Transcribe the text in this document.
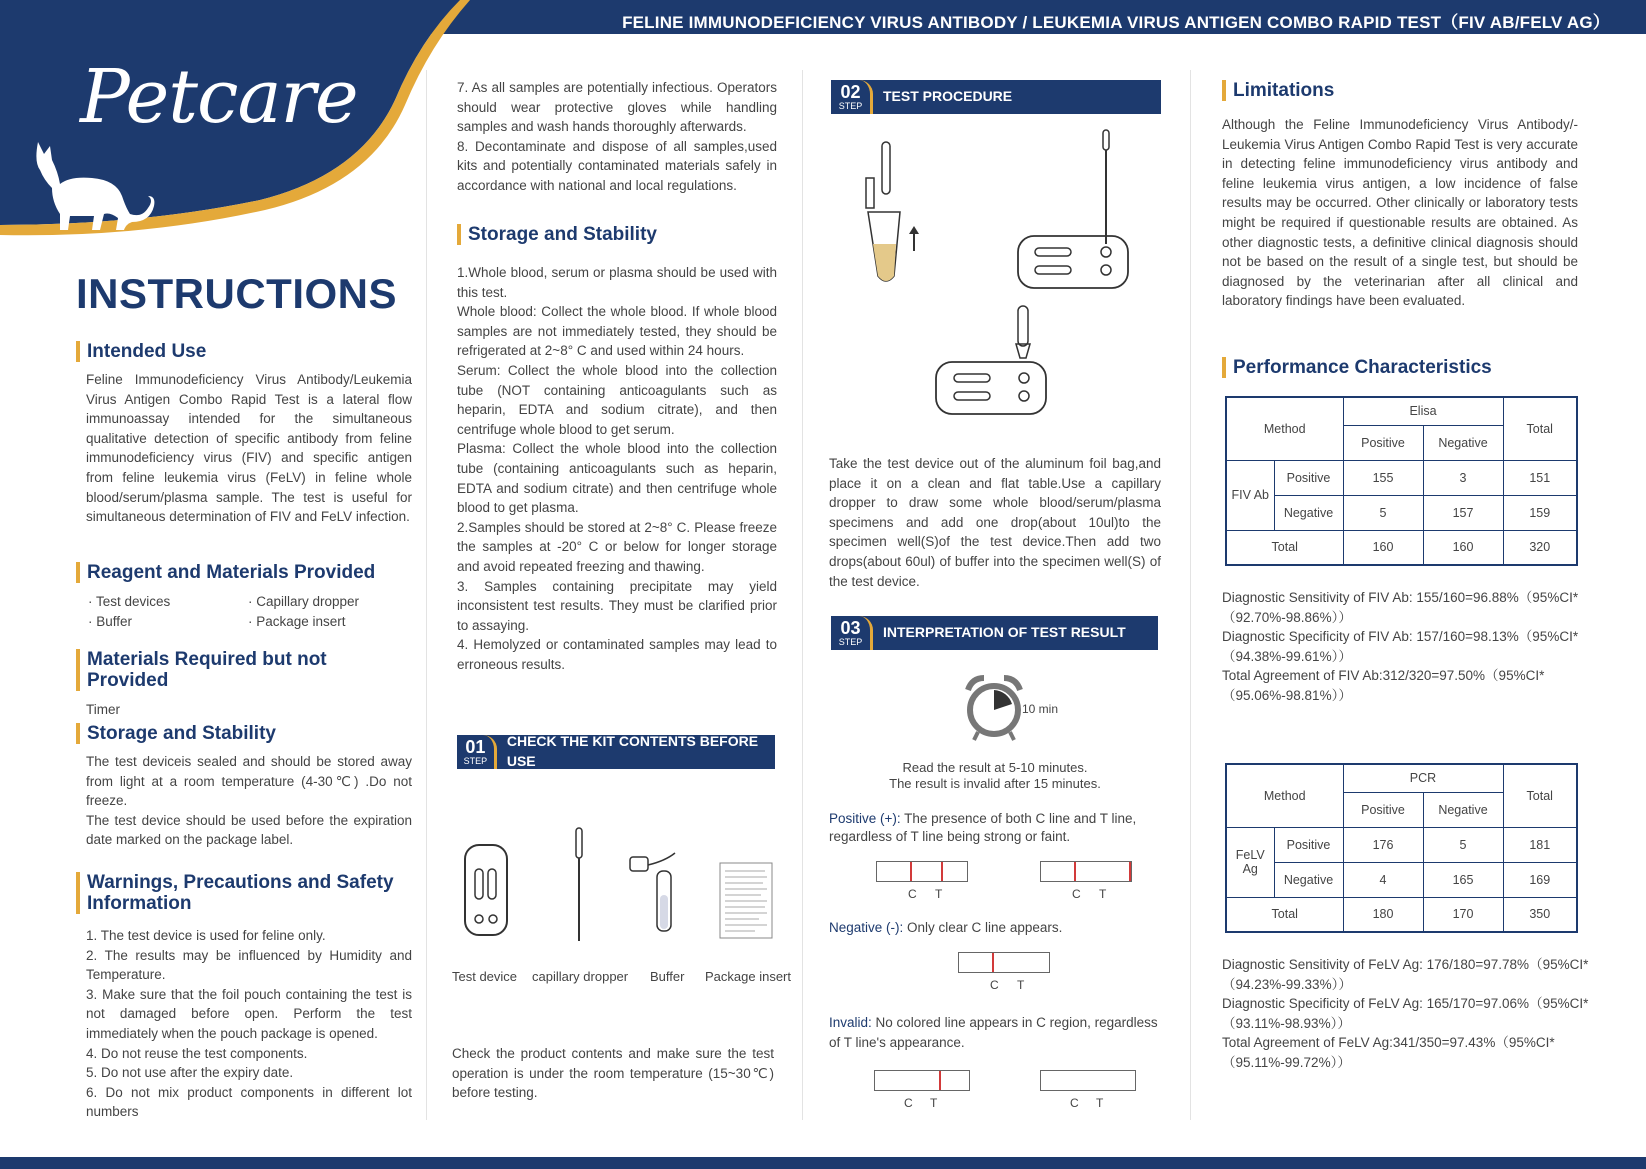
FELINE IMMUNODEFICIENCY VIRUS ANTIBODY / LEUKEMIA VIRUS ANTIGEN COMBO RAPID TEST（FIV AB/FELV AG）
Petcare
INSTRUCTIONS
Intended Use
Feline Immunodeficiency Virus Antibody/Leukemia Virus Antigen Combo Rapid Test is a lateral flow immunoassay intended for the simultaneous qualitative detection of specific antibody from feline immunodeficiency virus (FIV) and specific antigen from feline leukemia virus (FeLV) in feline whole blood/serum/plasma sample. The test is useful for simultaneous determination of FIV and FeLV infection.
Reagent and Materials Provided
· Test devices	· Capillary dropper
· Buffer	· Package insert
Materials Required but not Provided
Timer
Storage and Stability
The test deviceis sealed and should be stored away from light at a room temperature (4-30℃) .Do not freeze.
The test device should be used before the expiration date marked on the package label.
Warnings, Precautions and Safety Information
1. The test device is used for feline only.
2. The results may be influenced by Humidity and Temperature.
3. Make sure that the foil pouch containing the test is not damaged before open. Perform the test immediately when the pouch package is opened.
4. Do not reuse the test components.
5. Do not use after the expiry date.
6. Do not mix product components in different lot numbers
7. As all samples are potentially infectious. Operators should wear protective gloves while handling samples and wash hands thoroughly afterwards.
8. Decontaminate and dispose of all samples,used kits and potentially contaminated materials safely in accordance with national and local regulations.
Storage and Stability
1.Whole blood, serum or plasma should be used with this test.
Whole blood: Collect the whole blood. If whole blood samples are not immediately tested, they should be refrigerated at 2~8° C and used within 24 hours.
Serum: Collect the whole blood into the collection tube (NOT containing anticoagulants such as heparin, EDTA and sodium citrate), and then centrifuge whole blood to get serum.
Plasma: Collect the whole blood into the collection tube (containing anticoagulants such as heparin, EDTA and sodium citrate) and then centrifuge whole blood to get plasma.
2.Samples should be stored at 2~8° C. Please freeze the samples at -20° C or below for longer storage and avoid repeated freezing and thawing.
3. Samples containing precipitate may yield inconsistent test results. They must be clarified prior to assaying.
4. Hemolyzed or contaminated samples may lead to erroneous results.
01
STEP
CHECK THE KIT CONTENTS BEFORE USE
Test device capillary dropper Buffer Package insert
Check the product contents and make sure the test operation is under the room temperature (15~30℃) before testing.
02
STEP
TEST PROCEDURE
Take the test device out of the aluminum foil bag,and place it on a clean and flat table.Use a capillary dropper to draw some whole blood/serum/plasma specimens and add one drop(about 10ul)to the specimen well(S)of the test device.Then add two drops(about 60ul) of buffer into the specimen well(S) of the test device.
03
STEP
INTERPRETATION OF TEST RESULT
10 min
Read the result at 5-10 minutes.
The result is invalid after 15 minutes.
Positive (+): The presence of both C line and T line, regardless of T line being strong or faint.
C T	C T
Negative (-): Only clear C line appears.
C T
Invalid: No colored line appears in C region, regardless of T line's appearance.
C T	C T
Limitations
Although the Feline Immunodeficiency Virus Antibody/-Leukemia Virus Antigen Combo Rapid Test is very accurate in detecting feline immunodeficiency virus antibody and feline leukemia virus antigen, a low incidence of false results may be occurred. Other clinically or laboratory tests might be required if questionable results are obtained. As other diagnostic tests, a definitive clinical diagnosis should not be based on the result of a single test, but should be diagnosed by the veterinarian after all clinical and laboratory findings have been evaluated.
Performance Characteristics
Method		Elisa		Total
		Positive	Negative	
FIV Ab	Positive	155	3	151
	Negative	5	157	159
Total		160	160	320
Diagnostic Sensitivity of FIV Ab: 155/160=96.88%（95%CI*（92.70%-98.86%））
Diagnostic Specificity of FIV Ab: 157/160=98.13%（95%CI*（94.38%-99.61%））
Total Agreement of FIV Ab:312/320=97.50%（95%CI*（95.06%-98.81%））
Method		PCR		Total
		Positive	Negative	
FeLV Ag	Positive	176	5	181
	Negative	4	165	169
Total		180	170	350
Diagnostic Sensitivity of FeLV Ag: 176/180=97.78%（95%CI*（94.23%-99.33%））
Diagnostic Specificity of FeLV Ag: 165/170=97.06%（95%CI*（93.11%-98.93%））
Total Agreement of FeLV Ag:341/350=97.43%（95%CI*（95.11%-99.72%））
